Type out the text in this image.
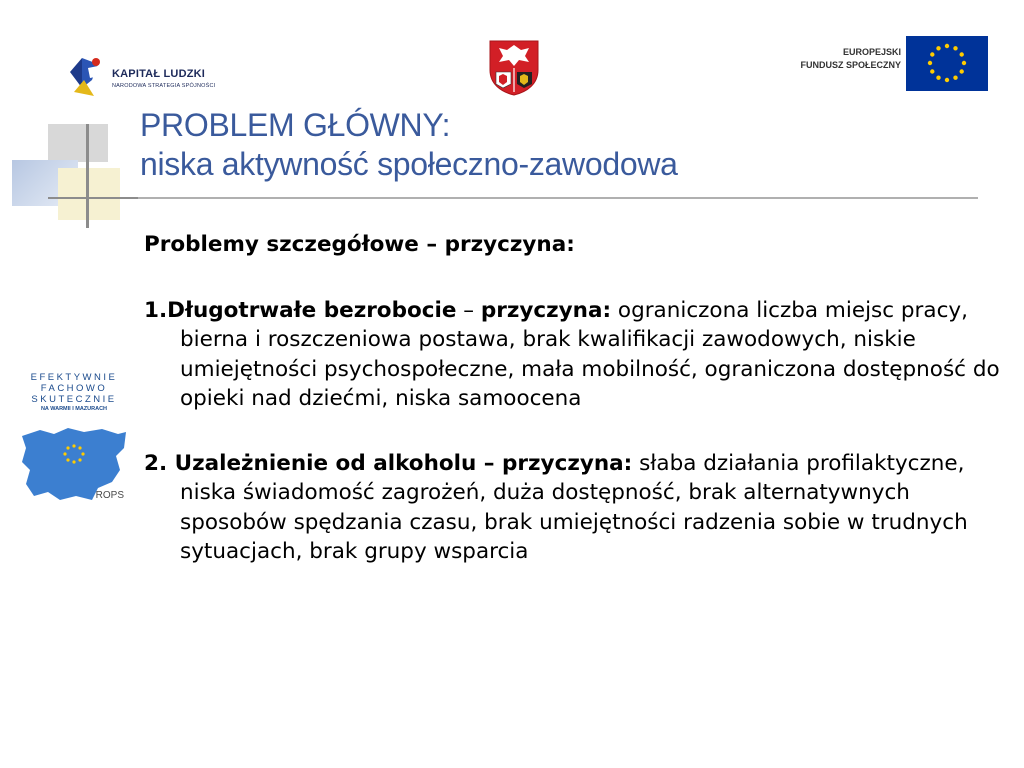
KAPITAŁ LUDZKI
NARODOWA STRATEGIA SPÓJNOŚCI
EUROPEJSKI
FUNDUSZ SPOŁECZNY
EFEKTYWNIE
FACHOWO
SKUTECZNIE
NA WARMII I MAZURACH
ROPS
PROBLEM GŁÓWNY:
niska aktywność społeczno-zawodowa
Problemy szczegółowe – przyczyna:
1.Długotrwałe bezrobocie – przyczyna: ograniczona liczba miejsc pracy, bierna i roszczeniowa postawa, brak kwalifikacji zawodowych, niskie umiejętności psychospołeczne, mała mobilność, ograniczona dostępność do opieki nad dziećmi, niska samoocena
2. Uzależnienie od alkoholu – przyczyna: słaba działania profilaktyczne, niska świadomość zagrożeń, duża dostępność, brak alternatywnych sposobów spędzania czasu, brak umiejętności radzenia sobie w trudnych sytuacjach, brak grupy wsparcia
